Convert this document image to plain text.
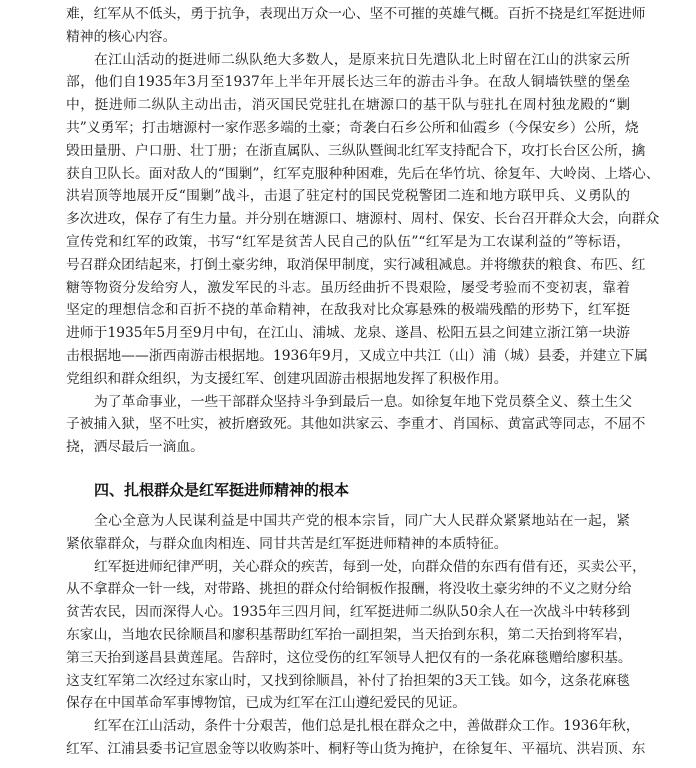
难，红军从不低头，勇于抗争，表现出万众一心、坚不可摧的英雄气概。百折不挠是红军挺进师
精神的核心内容。
在江山活动的挺进师二纵队绝大多数人，是原来抗日先遣队北上时留在江山的洪家云所
部，他们自1935年3月至1937年上半年开展长达三年的游击斗争。在敌人铜墙铁壁的堡垒
中，挺进师二纵队主动出击，消灭国民党驻扎在塘源口的基干队与驻扎在周村独龙殿的“剿
共”义勇军；打击塘源村一家作恶多端的土豪；奇袭白石乡公所和仙霞乡（今保安乡）公所，烧
毁田量册、户口册、壮丁册；在浙直属队、三纵队暨闽北红军支持配合下，攻打长台区公所，擒
获自卫队长。面对敌人的“围剿”，红军克服种种困难，先后在华竹坑、徐复年、大岭岗、上塔心、
洪岩顶等地展开反“围剿”战斗，击退了驻定村的国民党税警团二连和地方联甲兵、义勇队的
多次进攻，保存了有生力量。并分别在塘源口、塘源村、周村、保安、长台召开群众大会，向群众
宣传党和红军的政策，书写“红军是贫苦人民自己的队伍”“红军是为工农谋利益的”等标语，
号召群众团结起来，打倒土豪劣绅，取消保甲制度，实行减租减息。并将缴获的粮食、布匹、红
糖等物资分发给穷人，激发军民的斗志。虽历经曲折不畏艰险，屡受考验而不变初衷，靠着
坚定的理想信念和百折不挠的革命精神，在敌我对比众寡悬殊的极端残酷的形势下，红军挺
进师于1935年5月至9月中旬，在江山、浦城、龙泉、遂昌、松阳五县之间建立浙江第一块游
击根据地——浙西南游击根据地。1936年9月，又成立中共江（山）浦（城）县委，并建立下属
党组织和群众组织，为支援红军、创建巩固游击根据地发挥了积极作用。
为了革命事业，一些干部群众坚持斗争到最后一息。如徐复年地下党员蔡全义、蔡土生父
子被捕入狱，坚不吐实，被折磨致死。其他如洪家云、李重才、肖国标、黄富武等同志，不屈不
挠，洒尽最后一滴血。
四、扎根群众是红军挺进师精神的根本
全心全意为人民谋利益是中国共产党的根本宗旨，同广大人民群众紧紧地站在一起，紧
紧依靠群众，与群众血肉相连、同甘共苦是红军挺进师精神的本质特征。
红军挺进师纪律严明，关心群众的疾苦，每到一处，向群众借的东西有借有还，买卖公平，
从不拿群众一针一线，对带路、挑担的群众付给铜板作报酬，将没收土豪劣绅的不义之财分给
贫苦农民，因而深得人心。1935年三四月间，红军挺进师二纵队50余人在一次战斗中转移到
东家山，当地农民徐顺昌和廖积基帮助红军抬一副担架，当天抬到东积，第二天抬到将军岩，
第三天抬到遂昌县黄莲尾。告辞时，这位受伤的红军领导人把仅有的一条花麻毯赠给廖积基。
这支红军第二次经过东家山时，又找到徐顺昌，补付了抬担架的3天工钱。如今，这条花麻毯
保存在中国革命军事博物馆，已成为红军在江山遵纪爱民的见证。
红军在江山活动，条件十分艰苦，他们总是扎根在群众之中，善做群众工作。1936年秋，
红军、江浦县委书记宣恩金等以收购茶叶、桐籽等山货为掩护，在徐复年、平福坑、洪岩顶、东
